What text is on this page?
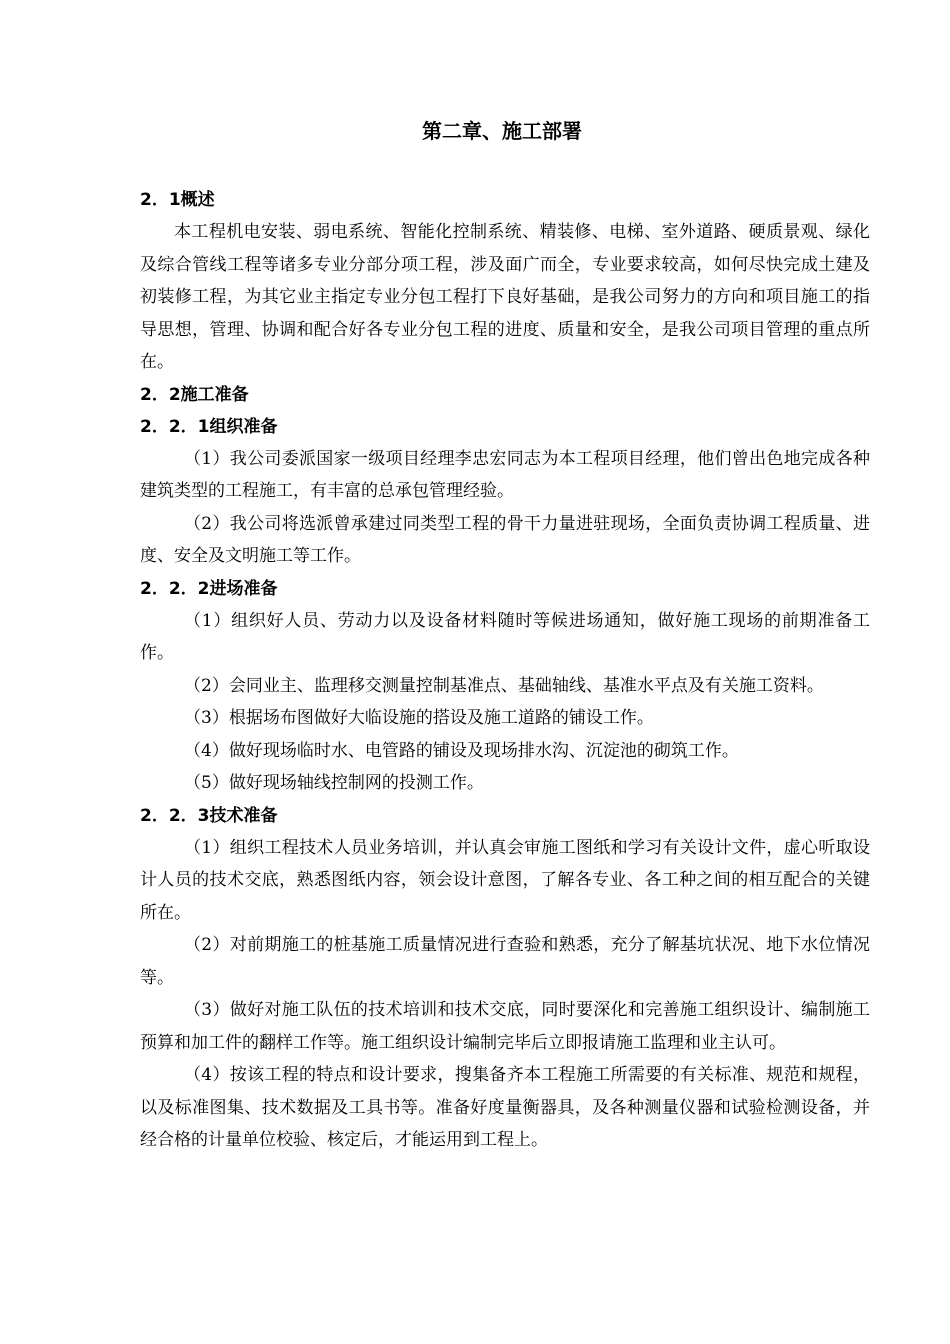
第二章、施工部署
2．1概述
本工程机电安装、弱电系统、智能化控制系统、精装修、电梯、室外道路、硬质景观、绿化及综合管线工程等诸多专业分部分项工程，涉及面广而全，专业要求较高，如何尽快完成土建及初装修工程，为其它业主指定专业分包工程打下良好基础，是我公司努力的方向和项目施工的指导思想，管理、协调和配合好各专业分包工程的进度、质量和安全，是我公司项目管理的重点所在。
2．2施工准备
2．2．1组织准备
（1）我公司委派国家一级项目经理李忠宏同志为本工程项目经理，他们曾出色地完成各种建筑类型的工程施工，有丰富的总承包管理经验。
（2）我公司将选派曾承建过同类型工程的骨干力量进驻现场，全面负责协调工程质量、进度、安全及文明施工等工作。
2．2．2进场准备
（1）组织好人员、劳动力以及设备材料随时等候进场通知，做好施工现场的前期准备工作。
（2）会同业主、监理移交测量控制基准点、基础轴线、基准水平点及有关施工资料。
（3）根据场布图做好大临设施的搭设及施工道路的铺设工作。
（4）做好现场临时水、电管路的铺设及现场排水沟、沉淀池的砌筑工作。
（5）做好现场轴线控制网的投测工作。
2．2．3技术准备
（1）组织工程技术人员业务培训，并认真会审施工图纸和学习有关设计文件，虚心听取设计人员的技术交底，熟悉图纸内容，领会设计意图，了解各专业、各工种之间的相互配合的关键所在。
（2）对前期施工的桩基施工质量情况进行查验和熟悉，充分了解基坑状况、地下水位情况等。
（3）做好对施工队伍的技术培训和技术交底，同时要深化和完善施工组织设计、编制施工预算和加工件的翻样工作等。施工组织设计编制完毕后立即报请施工监理和业主认可。
（4）按该工程的特点和设计要求，搜集备齐本工程施工所需要的有关标准、规范和规程，以及标准图集、技术数据及工具书等。准备好度量衡器具，及各种测量仪器和试验检测设备，并经合格的计量单位校验、核定后，才能运用到工程上。
